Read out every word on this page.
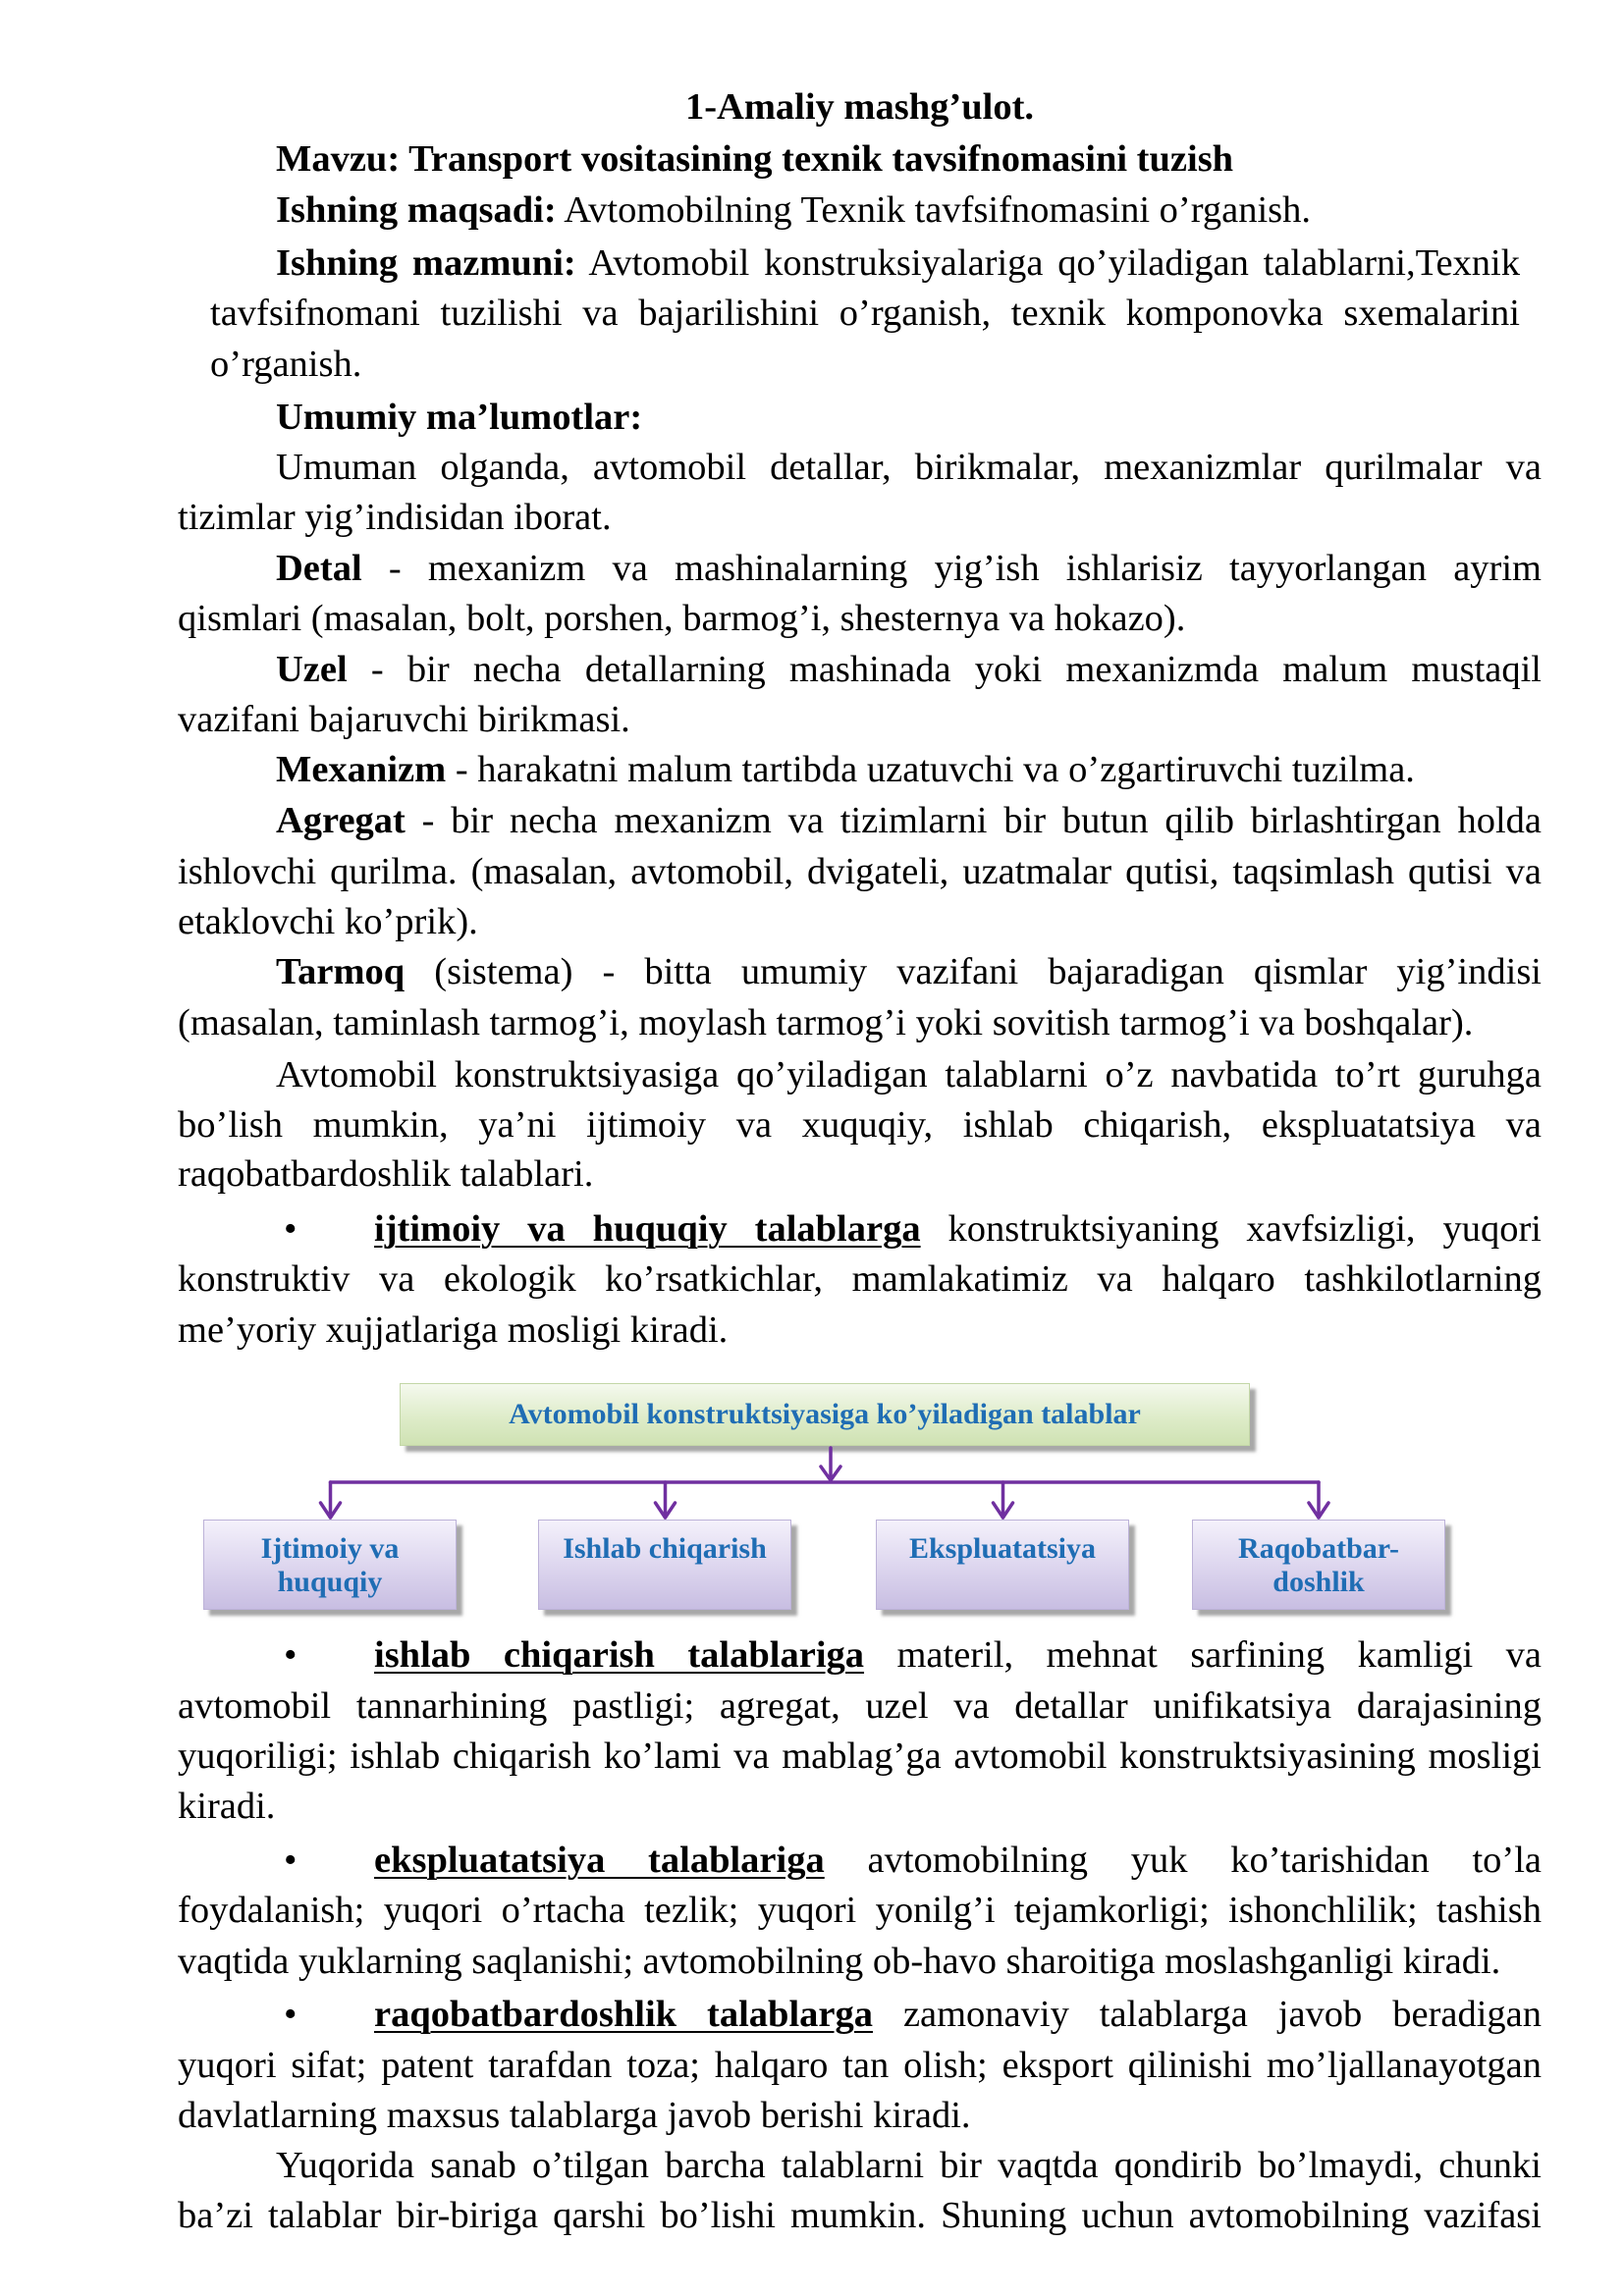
1-Amaliy mashg’ulot.
Mavzu: Transport vositasining texnik tavsifnomasini tuzish
Ishning maqsadi: Avtomobilning Texnik tavfsifnomasini o’rganish.
Ishning mazmuni: Avtomobil konstruksiyalariga qo’yiladigan talablarni,Texnik
tavfsifnomani tuzilishi va bajarilishini o’rganish, texnik komponovka sxemalarini
o’rganish.
Umumiy ma’lumotlar:
Umuman olganda, avtomobil detallar, birikmalar, mexanizmlar qurilmalar va
tizimlar yig’indisidan iborat.
Detal - mexanizm va mashinalarning yig’ish ishlarisiz tayyorlangan ayrim
qismlari (masalan, bolt, porshen, barmog’i, shesternya va hokazo).
Uzel - bir necha detallarning mashinada yoki mexanizmda malum mustaqil
vazifani bajaruvchi birikmasi.
Mexanizm - harakatni malum tartibda uzatuvchi va o’zgartiruvchi tuzilma.
Agregat - bir necha mexanizm va tizimlarni bir butun qilib birlashtirgan holda
ishlovchi qurilma. (masalan, avtomobil, dvigateli, uzatmalar qutisi, taqsimlash qutisi va
etaklovchi ko’prik).
Tarmoq (sistema) - bitta umumiy vazifani bajaradigan qismlar yig’indisi
(masalan, taminlash tarmog’i, moylash tarmog’i yoki sovitish tarmog’i va boshqalar).
Avtomobil konstruktsiyasiga qo’yiladigan talablarni o’z navbatida to’rt guruhga
bo’lish mumkin, ya’ni ijtimoiy va xuquqiy, ishlab chiqarish, ekspluatatsiya va
raqobatbardoshlik talablari.
•
ijtimoiy va huquqiy talablarga konstruktsiyaning xavfsizligi, yuqori
konstruktiv va ekologik ko’rsatkichlar, mamlakatimiz va halqaro tashkilotlarning
me’yoriy xujjatlariga mosligi kiradi.
Avtomobil konstruktsiyasiga ko’yiladigan talablar
Ijtimoiy va
huquqiy
Ishlab chiqarish	Ekspluatatsiya	Raqobatbar-
doshlik
•
ishlab chiqarish talablariga materil, mehnat sarfining kamligi va
avtomobil tannarhining pastligi; agregat, uzel va detallar unifikatsiya darajasining
yuqoriligi; ishlab chiqarish ko’lami va mablag’ga avtomobil konstruktsiyasining mosligi
kiradi.
•
ekspluatatsiya talablariga avtomobilning yuk ko’tarishidan to’la
foydalanish; yuqori o’rtacha tezlik; yuqori yonilg’i tejamkorligi; ishonchlilik; tashish
vaqtida yuklarning saqlanishi; avtomobilning ob-havo sharoitiga moslashganligi kiradi.
•
raqobatbardoshlik talablarga zamonaviy talablarga javob beradigan
yuqori sifat; patent tarafdan toza; halqaro tan olish; eksport qilinishi mo’ljallanayotgan
davlatlarning maxsus talablarga javob berishi kiradi.
Yuqorida sanab o’tilgan barcha talablarni bir vaqtda qondirib bo’lmaydi, chunki
ba’zi talablar bir-biriga qarshi bo’lishi mumkin. Shuning uchun avtomobilning vazifasi
